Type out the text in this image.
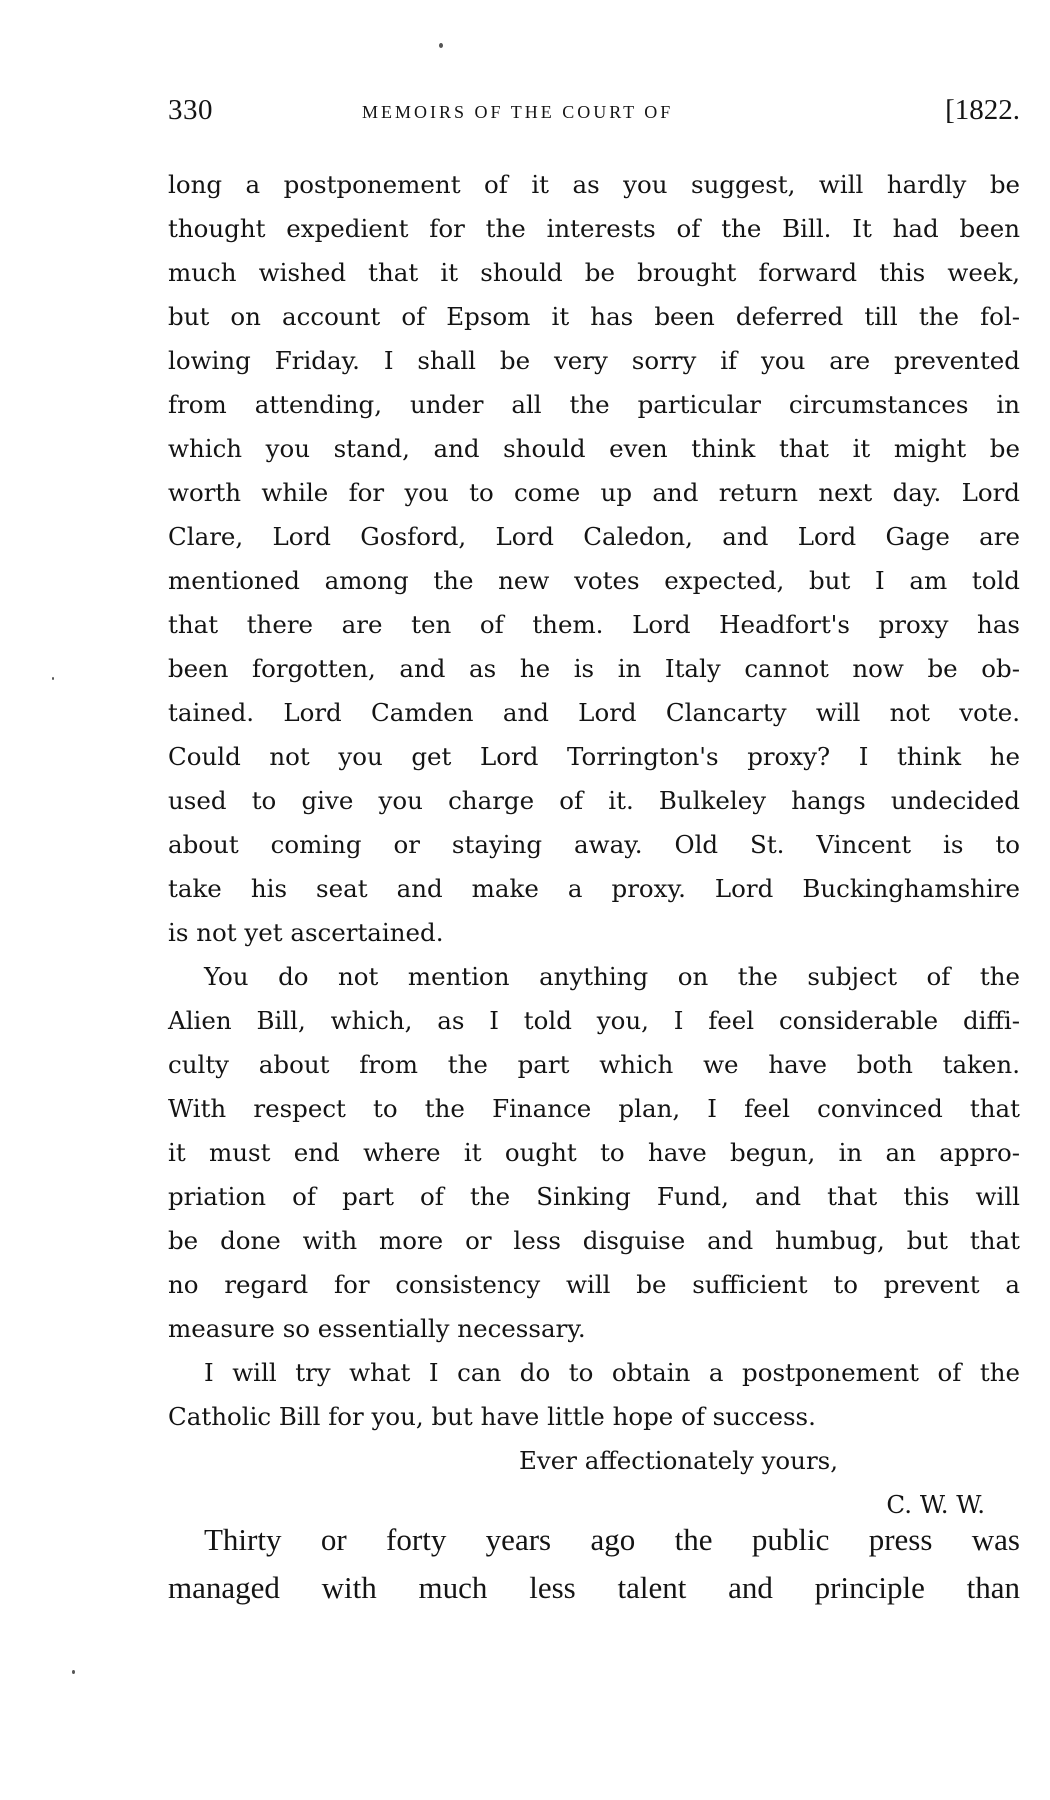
330	MEMOIRS OF THE COURT OF	[1822.
long a postponement of it as you suggest, will hardly be
thought expedient for the interests of the Bill. It had been
much wished that it should be brought forward this week,
but on account of Epsom it has been deferred till the fol-
lowing Friday. I shall be very sorry if you are prevented
from attending, under all the particular circumstances in
which you stand, and should even think that it might be
worth while for you to come up and return next day. Lord
Clare, Lord Gosford, Lord Caledon, and Lord Gage are
mentioned among the new votes expected, but I am told
that there are ten of them. Lord Headfort's proxy has
been forgotten, and as he is in Italy cannot now be ob-
tained. Lord Camden and Lord Clancarty will not vote.
Could not you get Lord Torrington's proxy? I think he
used to give you charge of it. Bulkeley hangs undecided
about coming or staying away. Old St. Vincent is to
take his seat and make a proxy. Lord Buckinghamshire
is not yet ascertained.
You do not mention anything on the subject of the
Alien Bill, which, as I told you, I feel considerable diffi-
culty about from the part which we have both taken.
With respect to the Finance plan, I feel convinced that
it must end where it ought to have begun, in an appro-
priation of part of the Sinking Fund, and that this will
be done with more or less disguise and humbug, but that
no regard for consistency will be sufficient to prevent a
measure so essentially necessary.
I will try what I can do to obtain a postponement of the
Catholic Bill for you, but have little hope of success.
Ever affectionately yours,
C. W. W.
Thirty or forty years ago the public press was
managed with much less talent and principle than
